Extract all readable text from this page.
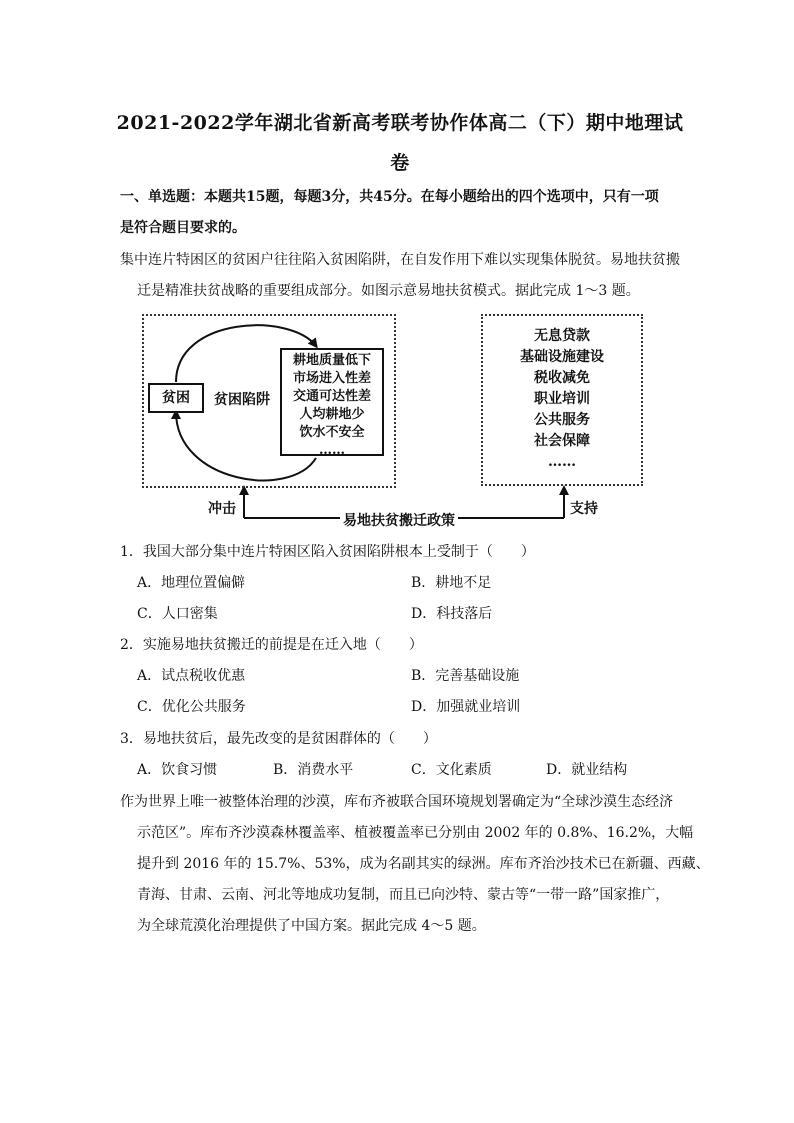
2021-2022学年湖北省新高考联考协作体高二（下）期中地理试
卷
一、单选题：本题共15题，每题3分，共45分。在每小题给出的四个选项中，只有一项
是符合题目要求的。
集中连片特困区的贫困户往往陷入贫困陷阱，在自发作用下难以实现集体脱贫。易地扶贫搬
迁是精准扶贫战略的重要组成部分。如图示意易地扶贫模式。据此完成 1～3 题。
贫困	贫困陷阱
耕地质量低下
市场进入性差
交通可达性差
人均耕地少
饮水不安全
……
无息贷款
基础设施建设
税收减免
职业培训
公共服务
社会保障
……
冲击	支持
易地扶贫搬迁政策
1．我国大部分集中连片特困区陷入贫困陷阱根本上受制于（　　）
A．地理位置偏僻	B．耕地不足
C．人口密集	D．科技落后
2．实施易地扶贫搬迁的前提是在迁入地（　　）
A．试点税收优惠	B．完善基础设施
C．优化公共服务	D．加强就业培训
3．易地扶贫后，最先改变的是贫困群体的（　　）
A．饮食习惯	B．消费水平	C．文化素质	D．就业结构
作为世界上唯一被整体治理的沙漠，库布齐被联合国环境规划署确定为“全球沙漠生态经济
示范区”。库布齐沙漠森林覆盖率、植被覆盖率已分别由 2002 年的 0.8%、16.2%，大幅
提升到 2016 年的 15.7%、53%，成为名副其实的绿洲。库布齐治沙技术已在新疆、西藏、
青海、甘肃、云南、河北等地成功复制，而且已向沙特、蒙古等“一带一路”国家推广，
为全球荒漠化治理提供了中国方案。据此完成 4～5 题。
